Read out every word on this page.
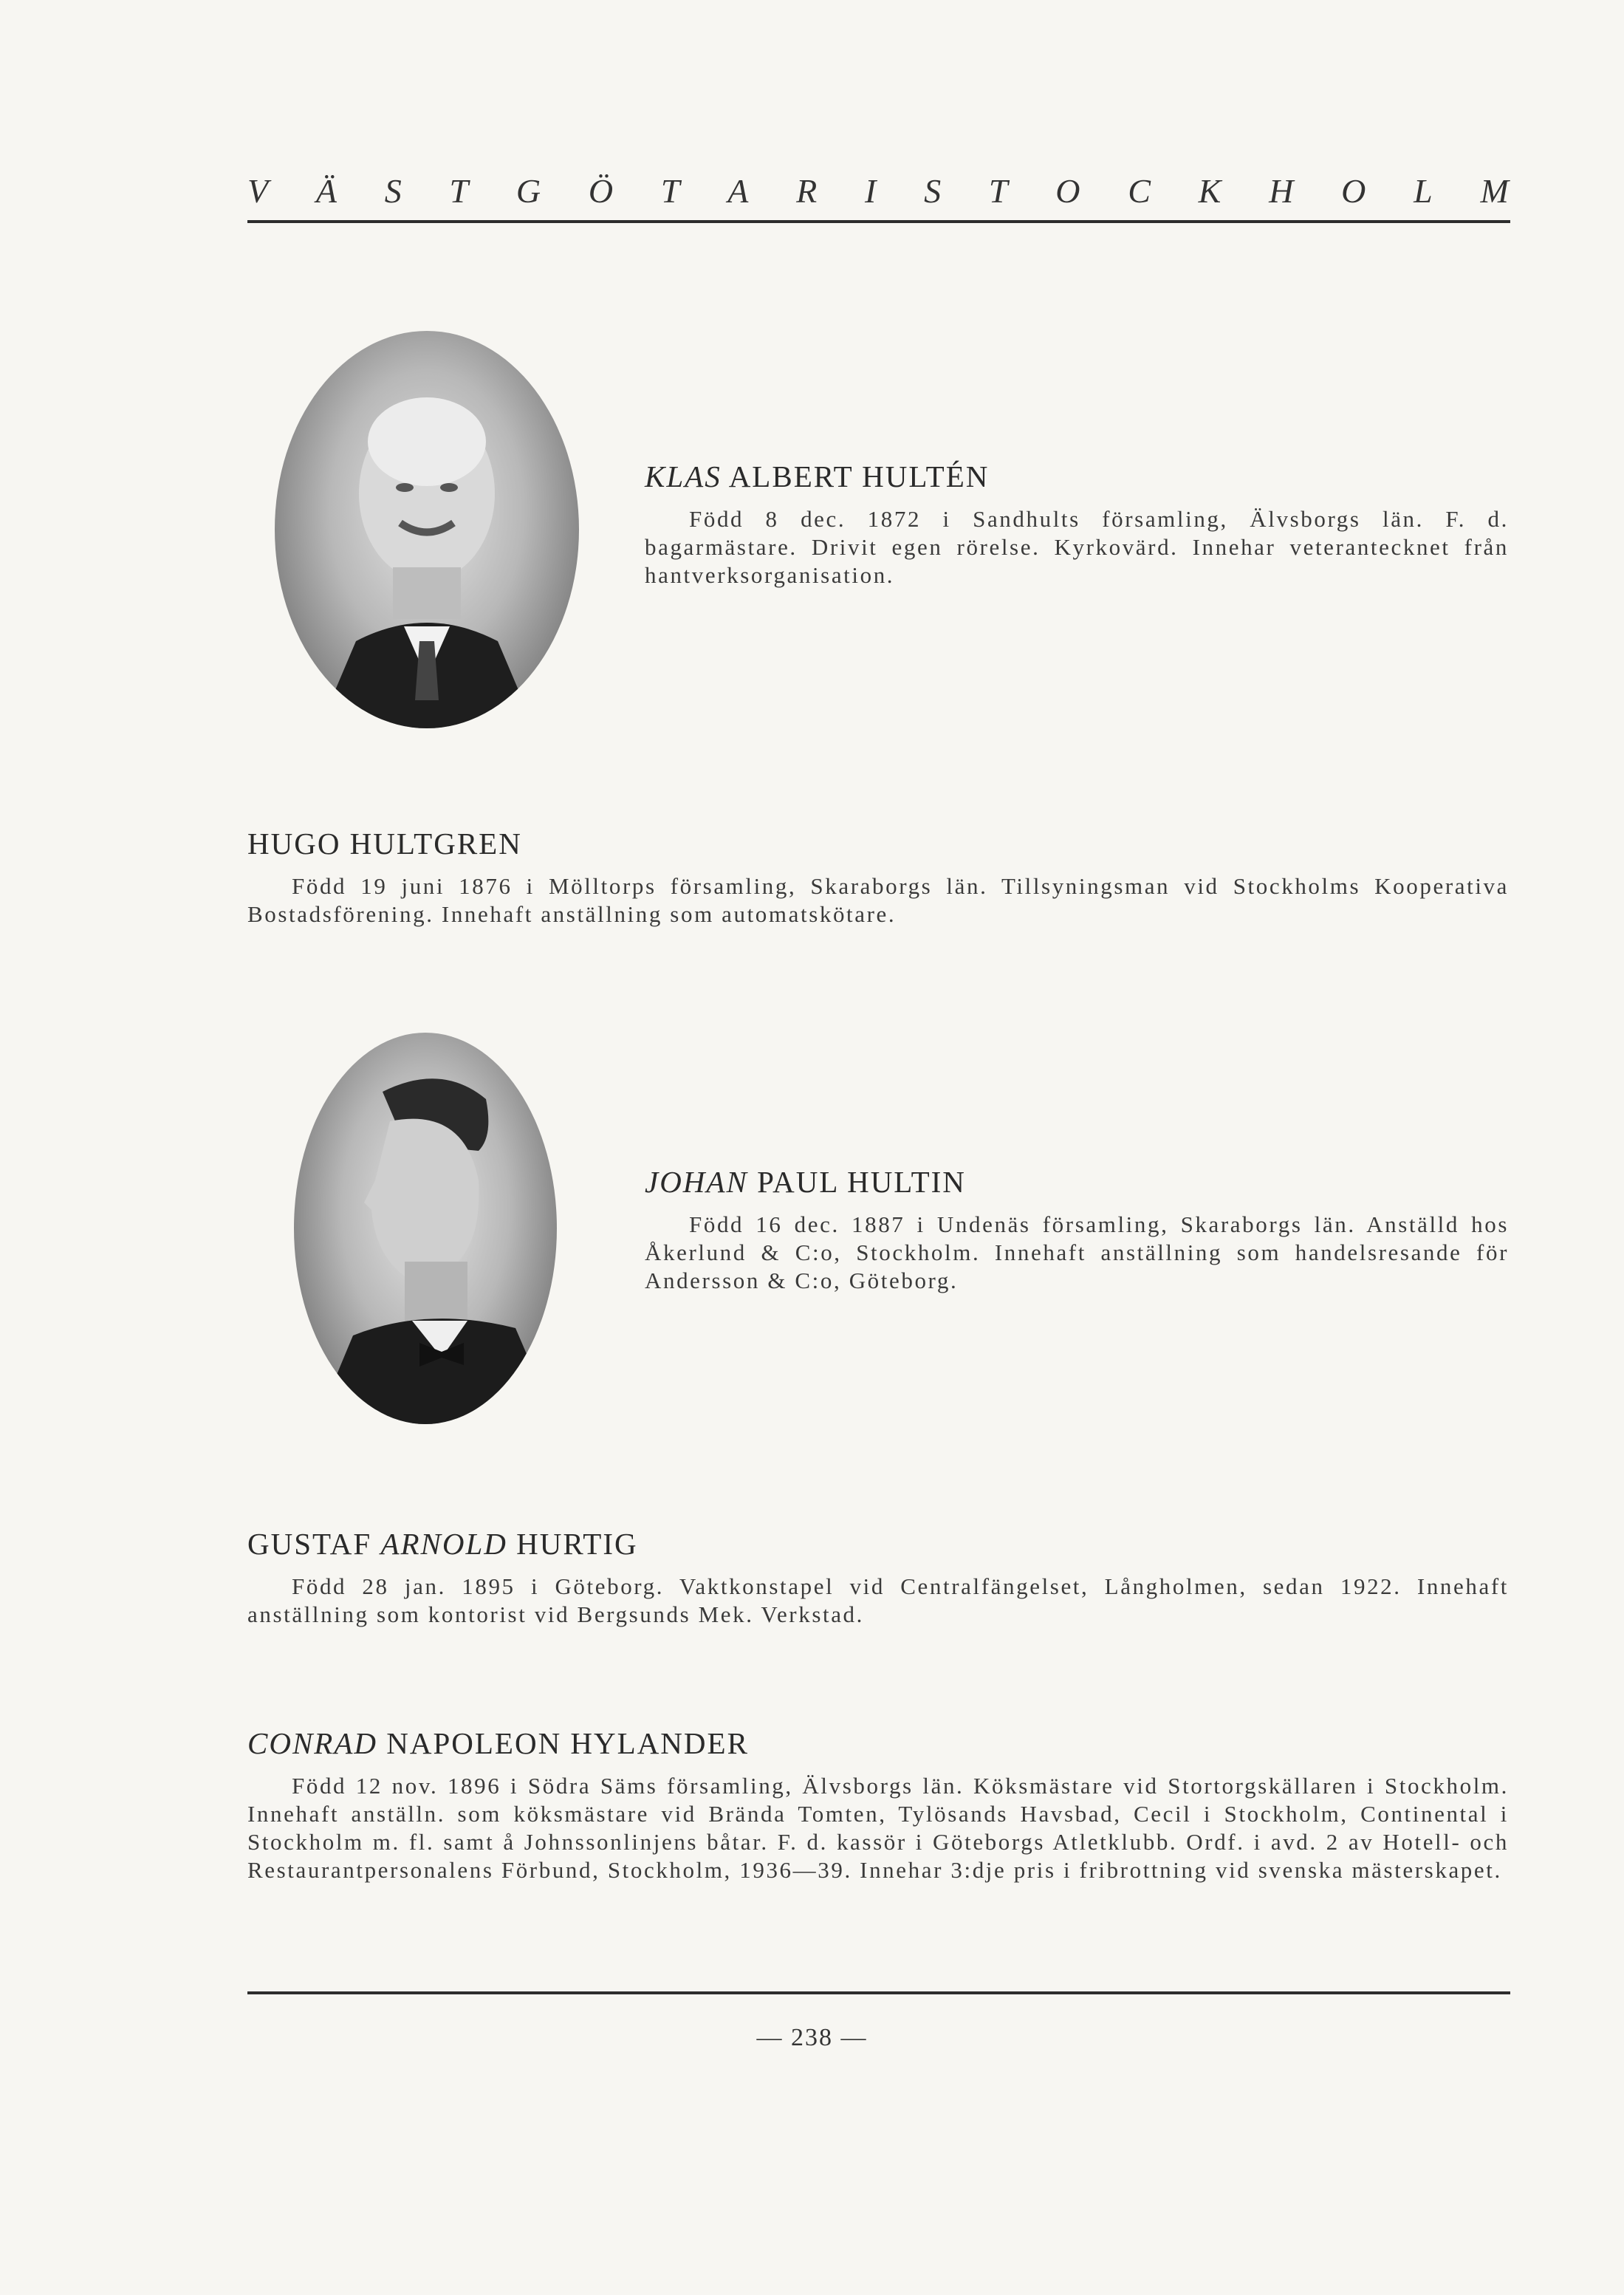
V Ä S T G Ö T A R I S T O C K H O L M
KLAS ALBERT HULTÉN
Född 8 dec. 1872 i Sandhults församling, Älvsborgs län. F. d. bagarmästare. Drivit egen rörelse. Kyrkovärd. Innehar veterantecknet från hantverksorganisation.
HUGO HULTGREN
Född 19 juni 1876 i Mölltorps församling, Skaraborgs län. Tillsyningsman vid Stockholms Kooperativa Bostadsförening. Innehaft anställning som automatskötare.
JOHAN PAUL HULTIN
Född 16 dec. 1887 i Undenäs församling, Skaraborgs län. Anställd hos Åkerlund & C:o, Stockholm. Innehaft anställning som handelsresande för Andersson & C:o, Göteborg.
GUSTAF ARNOLD HURTIG
Född 28 jan. 1895 i Göteborg. Vaktkonstapel vid Centralfängelset, Långholmen, sedan 1922. Innehaft anställning som kontorist vid Bergsunds Mek. Verkstad.
CONRAD NAPOLEON HYLANDER
Född 12 nov. 1896 i Södra Säms församling, Älvsborgs län. Köksmästare vid Stortorgskällaren i Stockholm. Innehaft anställn. som köksmästare vid Brända Tomten, Tylösands Havsbad, Cecil i Stockholm, Continental i Stockholm m. fl. samt å Johnssonlinjens båtar. F. d. kassör i Göteborgs Atletklubb. Ordf. i avd. 2 av Hotell- och Restaurantpersonalens Förbund, Stockholm, 1936—39. Innehar 3:dje pris i fribrottning vid svenska mästerskapet.
— 238 —
